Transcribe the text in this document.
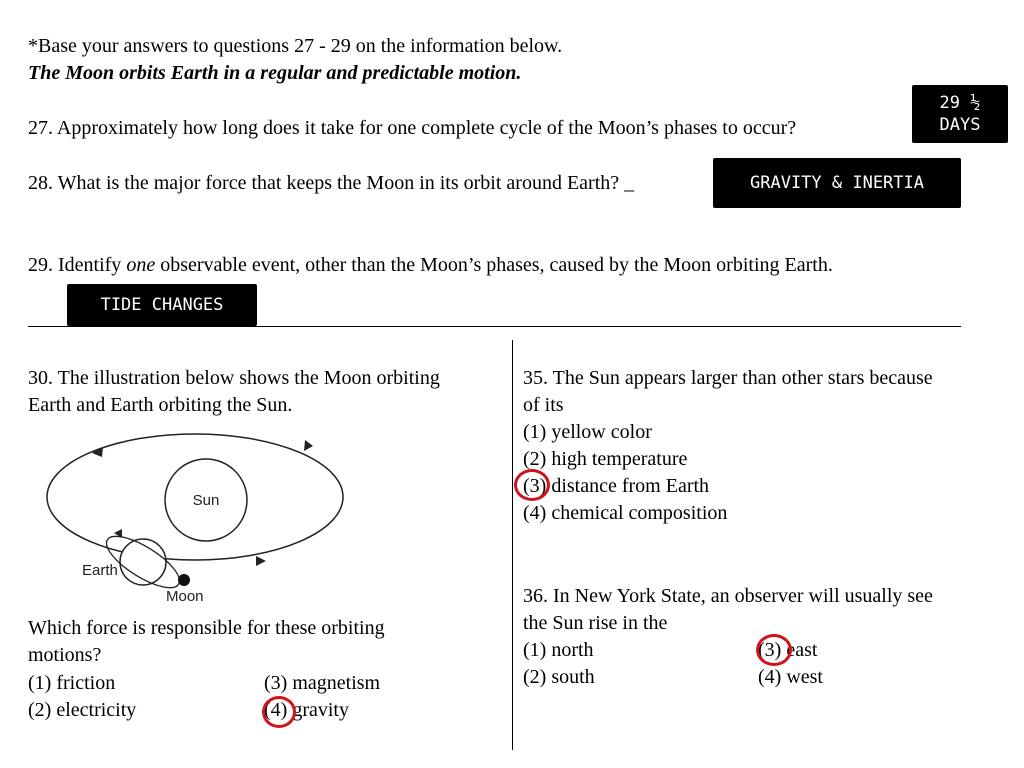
*Base your answers to questions 27 - 29 on the information below.
The Moon orbits Earth in a regular and predictable motion.
27. Approximately how long does it take for one complete cycle of the Moon’s phases to occur?
29 ½
DAYS
28. What is the major force that keeps the Moon in its orbit around Earth? _	GRAVITY & INERTIA
29. Identify one observable event, other than the Moon’s phases, caused by the Moon orbiting Earth.
TIDE CHANGES
30. The illustration below shows the Moon orbiting
Earth and Earth orbiting the Sun.
Sun
Earth
Moon
Which force is responsible for these orbiting
motions?
(1) friction
(2) electricity
(3) magnetism
(4) gravity
35. The Sun appears larger than other stars because
of its
(1) yellow color
(2) high temperature
(3) distance from Earth
(4) chemical composition
36. In New York State, an observer will usually see
the Sun rise in the
(1) north
(2) south
(3) east
(4) west
